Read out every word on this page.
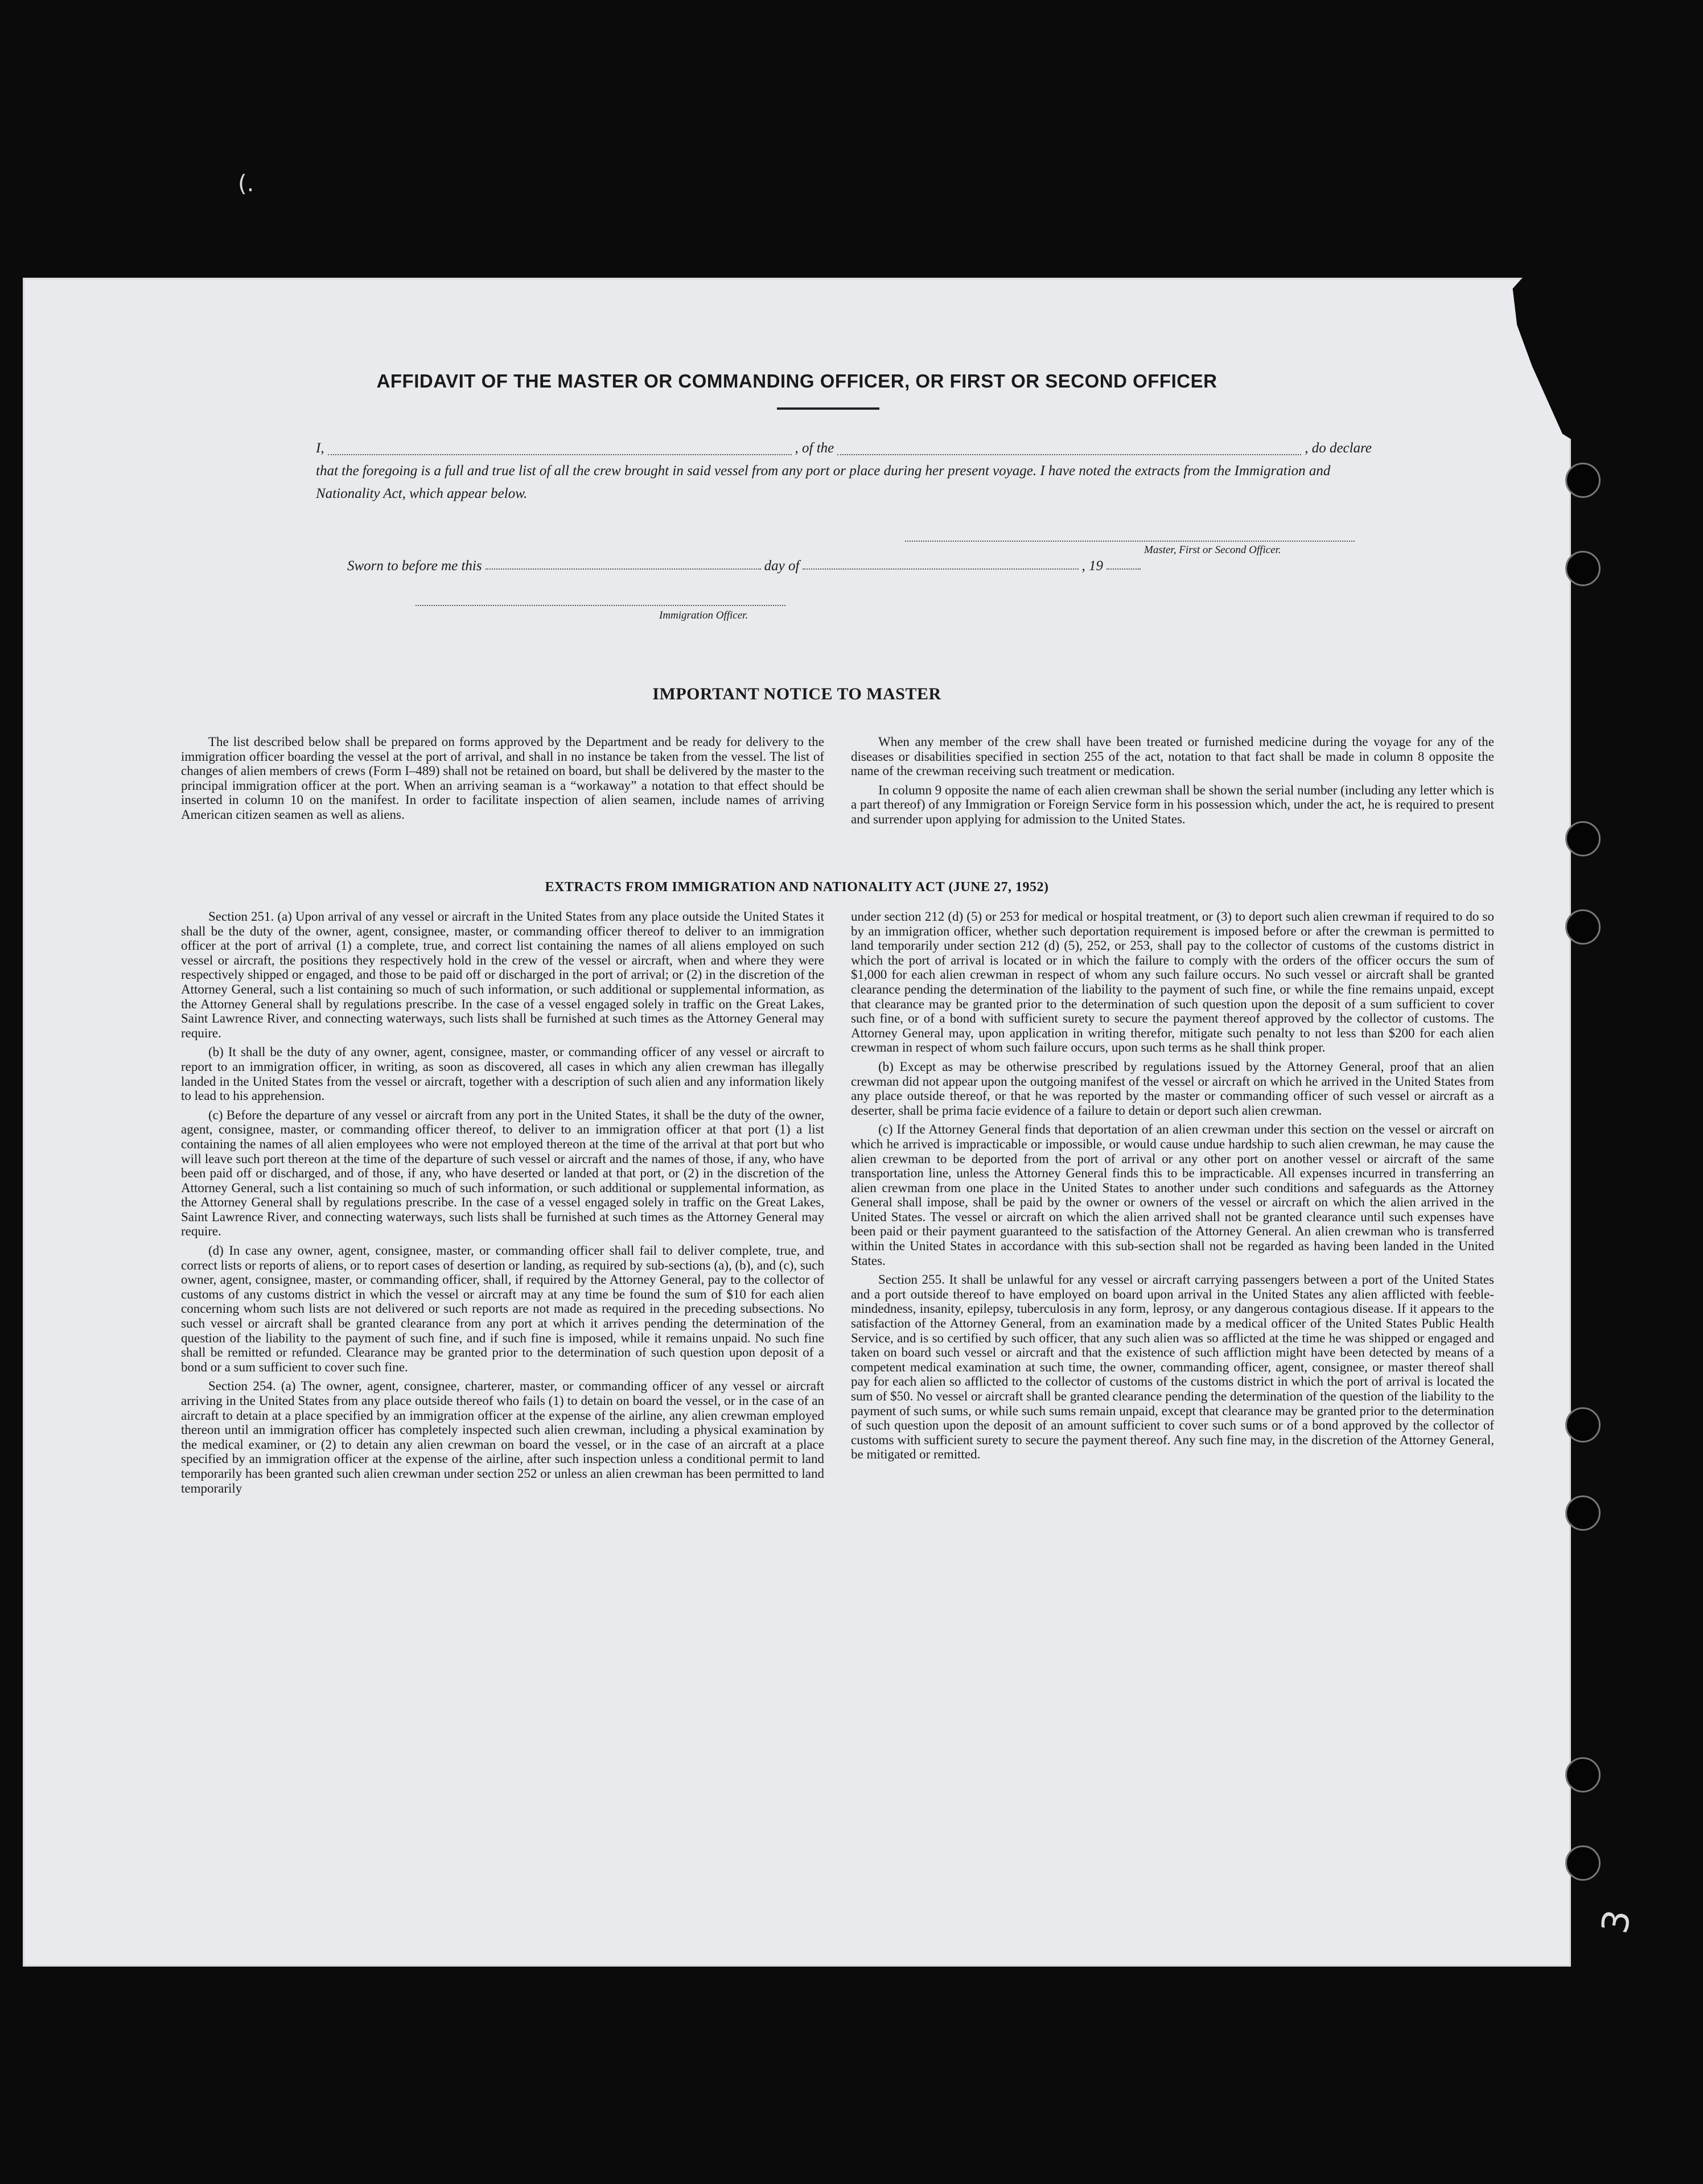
AFFIDAVIT OF THE MASTER OR COMMANDING OFFICER, OR FIRST OR SECOND OFFICER
I,	, of the	, do declare
that the foregoing is a full and true list of all the crew brought in said vessel from any port or place during her present voyage. I have noted the extracts from the Immigration and Nationality Act, which appear below.
Master, First or Second Officer.
Sworn to before me this	day of	, 19
Immigration Officer.
IMPORTANT NOTICE TO MASTER

The list described below shall be prepared on forms approved by the Department and be ready for delivery to the immigration officer boarding the vessel at the port of arrival, and shall in no instance be taken from the vessel. The list of changes of alien members of crews (Form I–489) shall not be retained on board, but shall be delivered by the master to the principal immigration officer at the port. When an arriving seaman is a “workaway” a notation to that effect should be inserted in column 10 on the manifest. In order to facilitate inspection of alien seamen, include names of arriving American citizen seamen as well as aliens.

When any member of the crew shall have been treated or furnished medicine during the voyage for any of the diseases or disabilities specified in section 255 of the act, notation to that fact shall be made in column 8 opposite the name of the crewman receiving such treatment or medication.

In column 9 opposite the name of each alien crewman shall be shown the serial number (including any letter which is a part thereof) of any Immigration or Foreign Service form in his possession which, under the act, he is required to present and surrender upon applying for admission to the United States.

EXTRACTS FROM IMMIGRATION AND NATIONALITY ACT (JUNE 27, 1952)

Section 251. (a) Upon arrival of any vessel or aircraft in the United States from any place outside the United States it shall be the duty of the owner, agent, consignee, master, or commanding officer thereof to deliver to an immigration officer at the port of arrival (1) a complete, true, and correct list containing the names of all aliens employed on such vessel or aircraft, the positions they respectively hold in the crew of the vessel or aircraft, when and where they were respectively shipped or engaged, and those to be paid off or discharged in the port of arrival; or (2) in the discretion of the Attorney General, such a list containing so much of such information, or such additional or supplemental information, as the Attorney General shall by regulations prescribe. In the case of a vessel engaged solely in traffic on the Great Lakes, Saint Lawrence River, and connecting waterways, such lists shall be furnished at such times as the Attorney General may require.

(b) It shall be the duty of any owner, agent, consignee, master, or commanding officer of any vessel or aircraft to report to an immigration officer, in writing, as soon as discovered, all cases in which any alien crewman has illegally landed in the United States from the vessel or aircraft, together with a description of such alien and any information likely to lead to his apprehension.

(c) Before the departure of any vessel or aircraft from any port in the United States, it shall be the duty of the owner, agent, consignee, master, or commanding officer thereof, to deliver to an immigration officer at that port (1) a list containing the names of all alien employees who were not employed thereon at the time of the arrival at that port but who will leave such port thereon at the time of the departure of such vessel or aircraft and the names of those, if any, who have been paid off or discharged, and of those, if any, who have deserted or landed at that port, or (2) in the discretion of the Attorney General, such a list containing so much of such information, or such additional or supplemental information, as the Attorney General shall by regulations prescribe. In the case of a vessel engaged solely in traffic on the Great Lakes, Saint Lawrence River, and connecting waterways, such lists shall be furnished at such times as the Attorney General may require.

(d) In case any owner, agent, consignee, master, or commanding officer shall fail to deliver complete, true, and correct lists or reports of aliens, or to report cases of desertion or landing, as required by sub-sections (a), (b), and (c), such owner, agent, consignee, master, or commanding officer, shall, if required by the Attorney General, pay to the collector of customs of any customs district in which the vessel or aircraft may at any time be found the sum of $10 for each alien concerning whom such lists are not delivered or such reports are not made as required in the preceding subsections. No such vessel or aircraft shall be granted clearance from any port at which it arrives pending the determination of the question of the liability to the payment of such fine, and if such fine is imposed, while it remains unpaid. No such fine shall be remitted or refunded. Clearance may be granted prior to the determination of such question upon deposit of a bond or a sum sufficient to cover such fine.

Section 254. (a) The owner, agent, consignee, charterer, master, or commanding officer of any vessel or aircraft arriving in the United States from any place outside thereof who fails (1) to detain on board the vessel, or in the case of an aircraft to detain at a place specified by an immigration officer at the expense of the airline, any alien crewman employed thereon until an immigration officer has completely inspected such alien crewman, including a physical examination by the medical examiner, or (2) to detain any alien crewman on board the vessel, or in the case of an aircraft at a place specified by an immigration officer at the expense of the airline, after such inspection unless a conditional permit to land temporarily has been granted such alien crewman under section 252 or unless an alien crewman has been permitted to land temporarily

under section 212 (d) (5) or 253 for medical or hospital treatment, or (3) to deport such alien crewman if required to do so by an immigration officer, whether such deportation requirement is imposed before or after the crewman is permitted to land temporarily under section 212 (d) (5), 252, or 253, shall pay to the collector of customs of the customs district in which the port of arrival is located or in which the failure to comply with the orders of the officer occurs the sum of $1,000 for each alien crewman in respect of whom any such failure occurs. No such vessel or aircraft shall be granted clearance pending the determination of the liability to the payment of such fine, or while the fine remains unpaid, except that clearance may be granted prior to the determination of such question upon the deposit of a sum sufficient to cover such fine, or of a bond with sufficient surety to secure the payment thereof approved by the collector of customs. The Attorney General may, upon application in writing therefor, mitigate such penalty to not less than $200 for each alien crewman in respect of whom such failure occurs, upon such terms as he shall think proper.

(b) Except as may be otherwise prescribed by regulations issued by the Attorney General, proof that an alien crewman did not appear upon the outgoing manifest of the vessel or aircraft on which he arrived in the United States from any place outside thereof, or that he was reported by the master or commanding officer of such vessel or aircraft as a deserter, shall be prima facie evidence of a failure to detain or deport such alien crewman.

(c) If the Attorney General finds that deportation of an alien crewman under this section on the vessel or aircraft on which he arrived is impracticable or impossible, or would cause undue hardship to such alien crewman, he may cause the alien crewman to be deported from the port of arrival or any other port on another vessel or aircraft of the same transportation line, unless the Attorney General finds this to be impracticable. All expenses incurred in transferring an alien crewman from one place in the United States to another under such conditions and safeguards as the Attorney General shall impose, shall be paid by the owner or owners of the vessel or aircraft on which the alien arrived in the United States. The vessel or aircraft on which the alien arrived shall not be granted clearance until such expenses have been paid or their payment guaranteed to the satisfaction of the Attorney General. An alien crewman who is transferred within the United States in accordance with this sub-section shall not be regarded as having been landed in the United States.

Section 255. It shall be unlawful for any vessel or aircraft carrying passengers between a port of the United States and a port outside thereof to have employed on board upon arrival in the United States any alien afflicted with feeble-mindedness, insanity, epilepsy, tuberculosis in any form, leprosy, or any dangerous contagious disease. If it appears to the satisfaction of the Attorney General, from an examination made by a medical officer of the United States Public Health Service, and is so certified by such officer, that any such alien was so afflicted at the time he was shipped or engaged and taken on board such vessel or aircraft and that the existence of such affliction might have been detected by means of a competent medical examination at such time, the owner, commanding officer, agent, consignee, or master thereof shall pay for each alien so afflicted to the collector of customs of the customs district in which the port of arrival is located the sum of $50. No vessel or aircraft shall be granted clearance pending the determination of the question of the liability to the payment of such sums, or while such sums remain unpaid, except that clearance may be granted prior to the determination of such question upon the deposit of an amount sufficient to cover such sums or of a bond approved by the collector of customs with sufficient surety to secure the payment thereof. Any such fine may, in the discretion of the Attorney General, be mitigated or remitted.

(.
3
